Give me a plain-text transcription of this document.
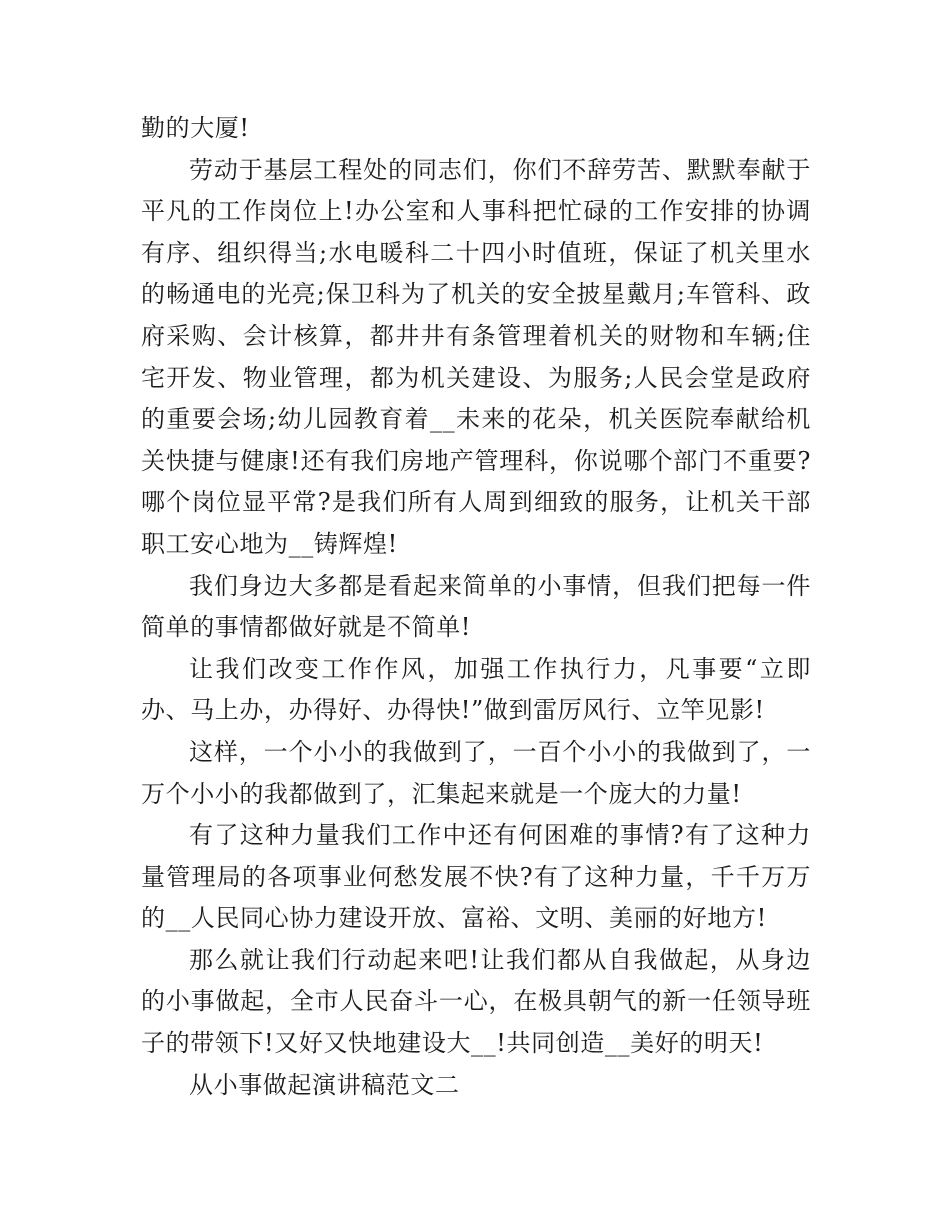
勤的大厦!

劳动于基层工程处的同志们，你们不辞劳苦、默默奉献于平凡的工作岗位上!办公室和人事科把忙碌的工作安排的协调有序、组织得当;水电暖科二十四小时值班，保证了机关里水的畅通电的光亮;保卫科为了机关的安全披星戴月;车管科、政府采购、会计核算，都井井有条管理着机关的财物和车辆;住宅开发、物业管理，都为机关建设、为服务;人民会堂是政府的重要会场;幼儿园教育着__未来的花朵，机关医院奉献给机关快捷与健康!还有我们房地产管理科，你说哪个部门不重要?哪个岗位显平常?是我们所有人周到细致的服务，让机关干部职工安心地为__铸辉煌!

我们身边大多都是看起来简单的小事情，但我们把每一件简单的事情都做好就是不简单!

让我们改变工作作风，加强工作执行力，凡事要“立即办、马上办，办得好、办得快!”做到雷厉风行、立竿见影!

这样，一个小小的我做到了，一百个小小的我做到了，一万个小小的我都做到了，汇集起来就是一个庞大的力量!

有了这种力量我们工作中还有何困难的事情?有了这种力量管理局的各项事业何愁发展不快?有了这种力量，千千万万的__人民同心协力建设开放、富裕、文明、美丽的好地方!

那么就让我们行动起来吧!让我们都从自我做起，从身边的小事做起，全市人民奋斗一心，在极具朝气的新一任领导班子的带领下!又好又快地建设大__!共同创造__美好的明天!

从小事做起演讲稿范文二
